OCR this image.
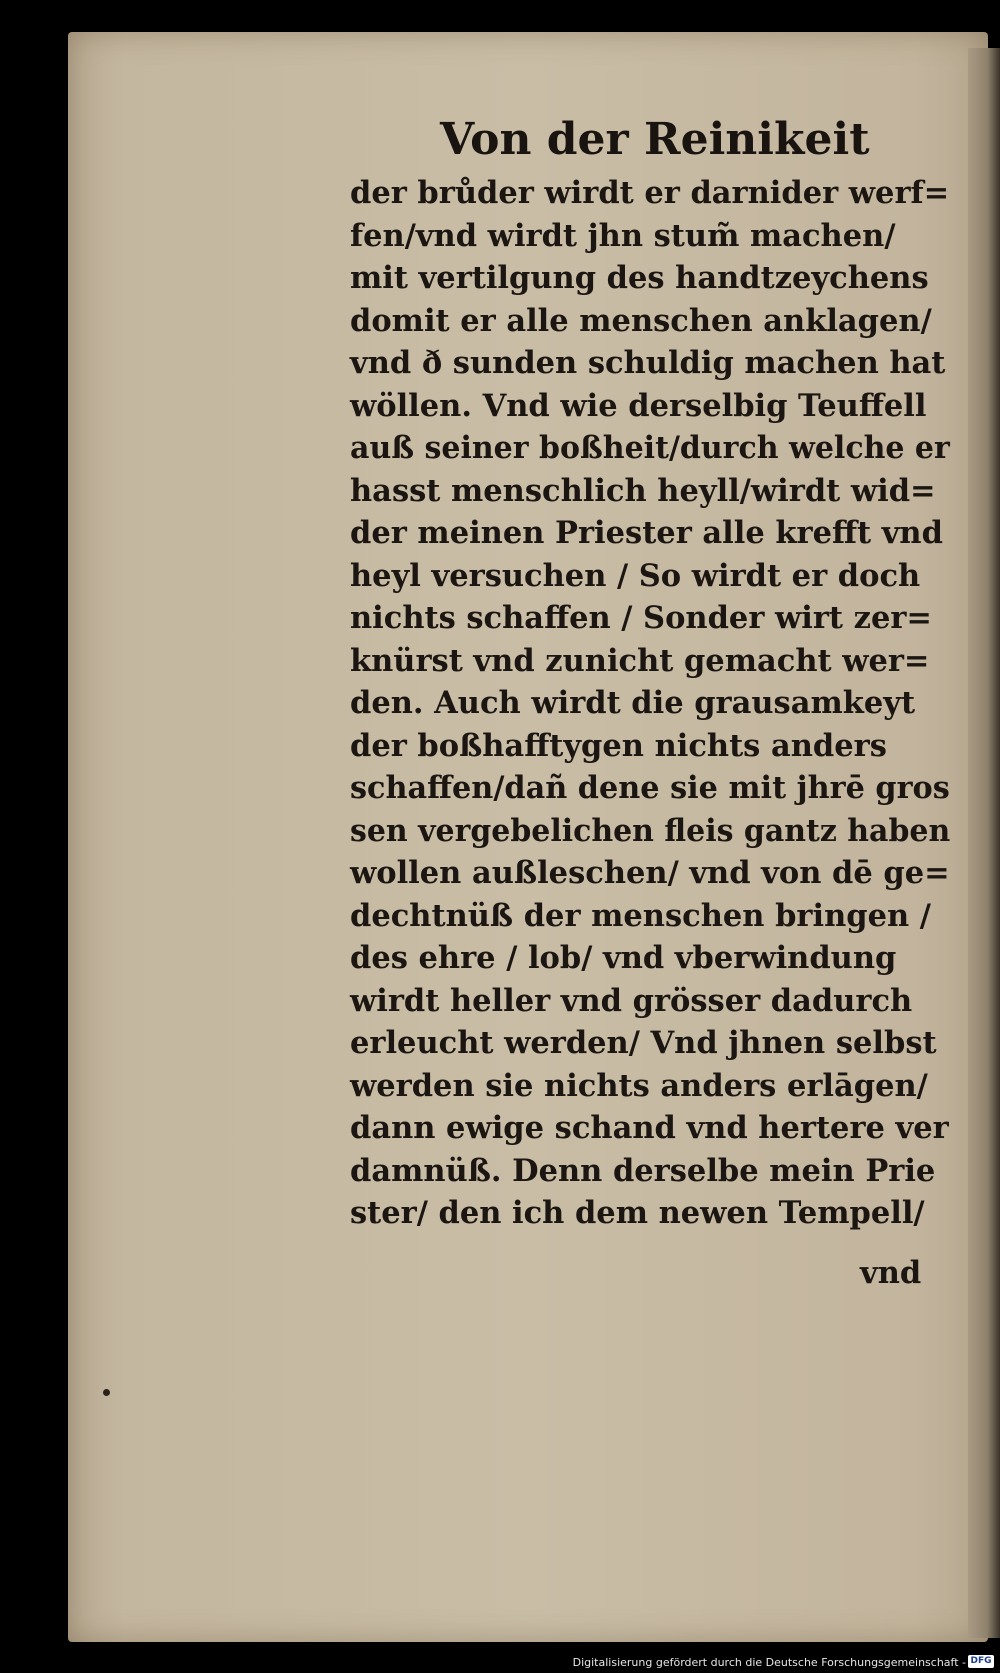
Von der Reinikeit
der brůder wirdt er darnider werf=
fen/vnd wirdt jhn stum̃ machen/
mit vertilgung des handtzeychens
domit er alle menschen anklagen/
vnd ð sunden schuldig machen hat
wöllen. Vnd wie derselbig Teuffell
auß seiner boßheit/durch welche er
hasst menschlich heyll/wirdt wid=
der meinen Priester alle krefft vnd
heyl versuchen / So wirdt er doch
nichts schaffen / Sonder wirt zer=
knürst vnd zunicht gemacht wer=
den. Auch wirdt die grausamkeyt
der boßhafftygen nichts anders
schaffen/dañ dene sie mit jhrē gros
sen vergebelichen fleis gantz haben
wollen außleschen/ vnd von dē ge=
dechtnüß der menschen bringen /
des ehre / lob/ vnd vberwindung
wirdt heller vnd grösser dadurch
erleucht werden/ Vnd jhnen selbst
werden sie nichts anders erlāgen/
dann ewige schand vnd hertere ver
damnüß. Denn derselbe mein Prie
ster/ den ich dem newen Tempell/
vnd
Digitalisierung gefördert durch die Deutsche Forschungsgemeinschaft - DFG
